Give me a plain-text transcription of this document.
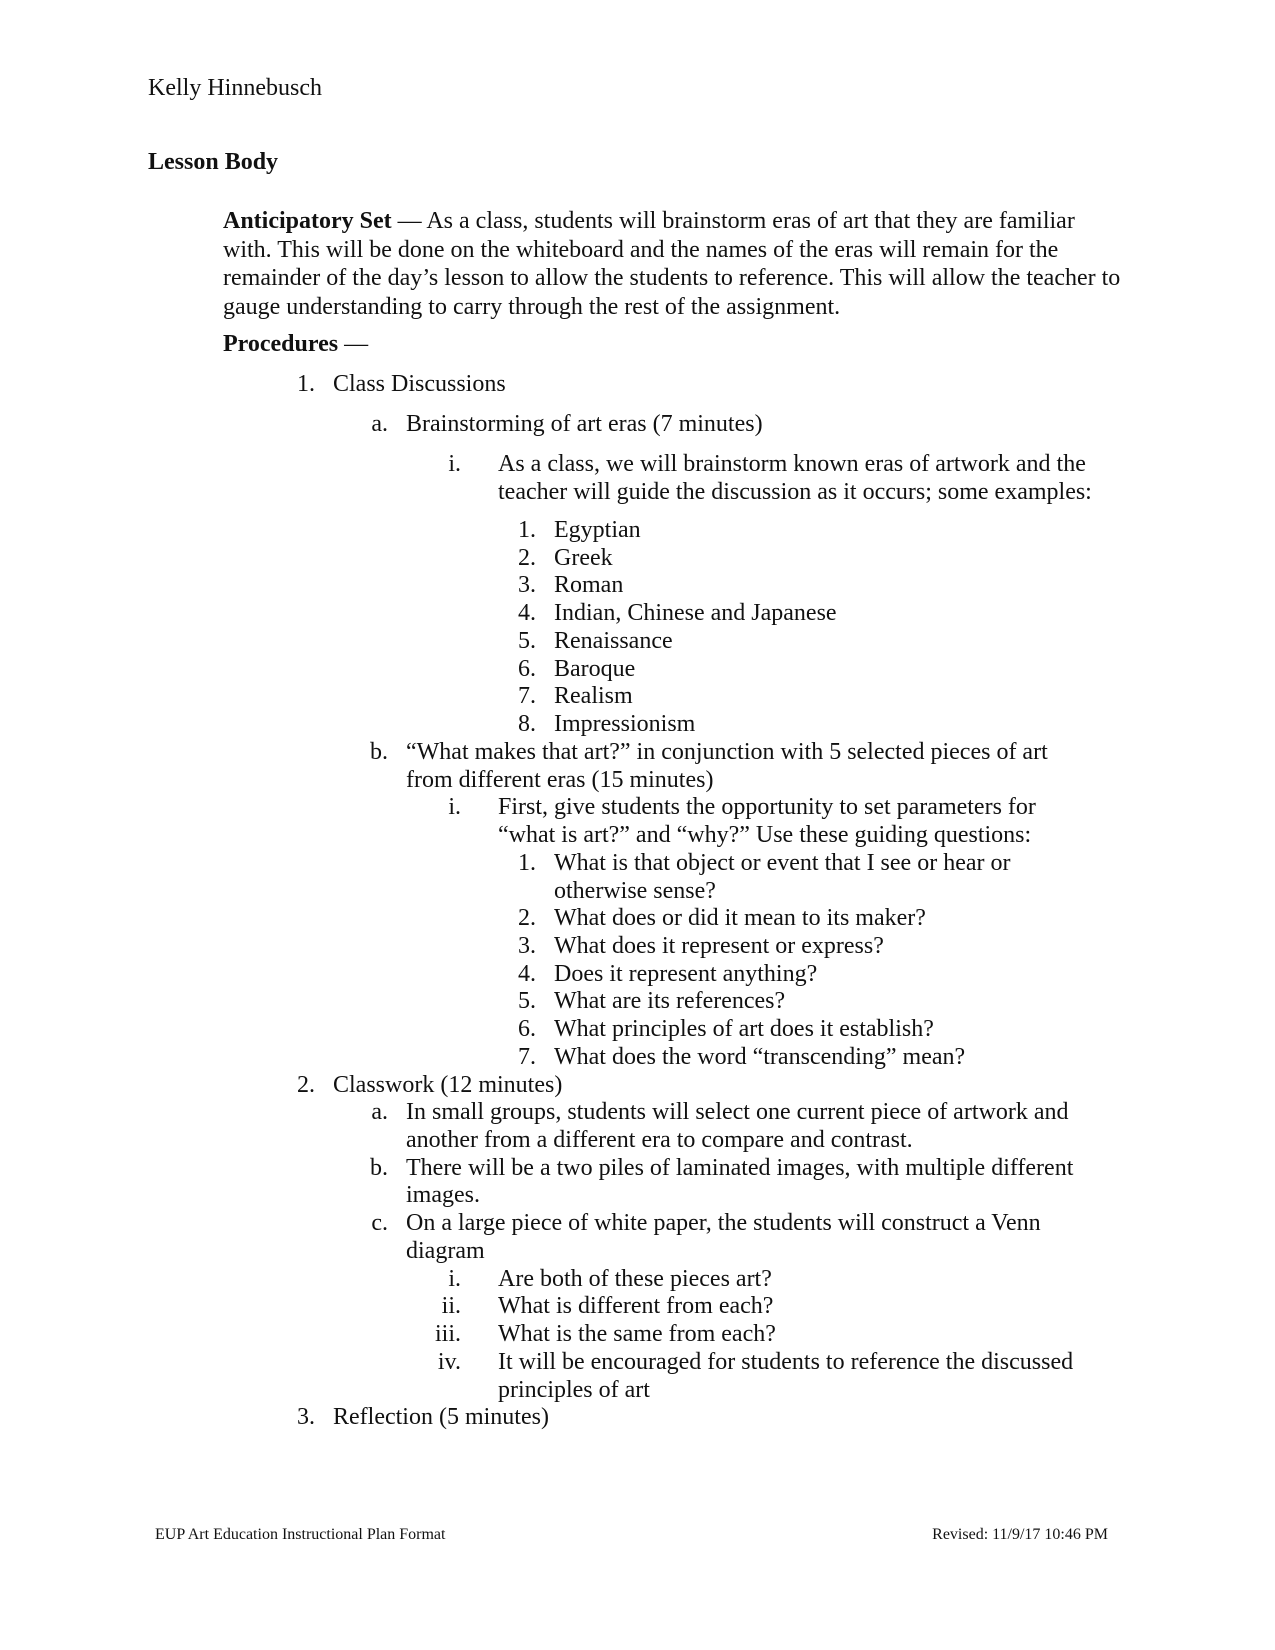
Kelly Hinnebusch
Lesson Body
Anticipatory Set — As a class, students will brainstorm eras of art that they are familiar with. This will be done on the whiteboard and the names of the eras will remain for the remainder of the day’s lesson to allow the students to reference. This will allow the teacher to gauge understanding to carry through the rest of the assignment.
Procedures —
1. Class Discussions
a. Brainstorming of art eras (7 minutes)
i. As a class, we will brainstorm known eras of artwork and the
teacher will guide the discussion as it occurs; some examples:
1. Egyptian
2. Greek
3. Roman
4. Indian, Chinese and Japanese
5. Renaissance
6. Baroque
7. Realism
8. Impressionism
b. “What makes that art?” in conjunction with 5 selected pieces of art
from different eras (15 minutes)
i. First, give students the opportunity to set parameters for
“what is art?” and “why?” Use these guiding questions:
1. What is that object or event that I see or hear or
otherwise sense?
2. What does or did it mean to its maker?
3. What does it represent or express?
4. Does it represent anything?
5. What are its references?
6. What principles of art does it establish?
7. What does the word “transcending” mean?
2. Classwork (12 minutes)
a. In small groups, students will select one current piece of artwork and
another from a different era to compare and contrast.
b. There will be a two piles of laminated images, with multiple different
images.
c. On a large piece of white paper, the students will construct a Venn
diagram
i. Are both of these pieces art?
ii. What is different from each?
iii. What is the same from each?
iv. It will be encouraged for students to reference the discussed
principles of art
3. Reflection (5 minutes)
EUP Art Education Instructional Plan Format	Revised: 11/9/17 10:46 PM
